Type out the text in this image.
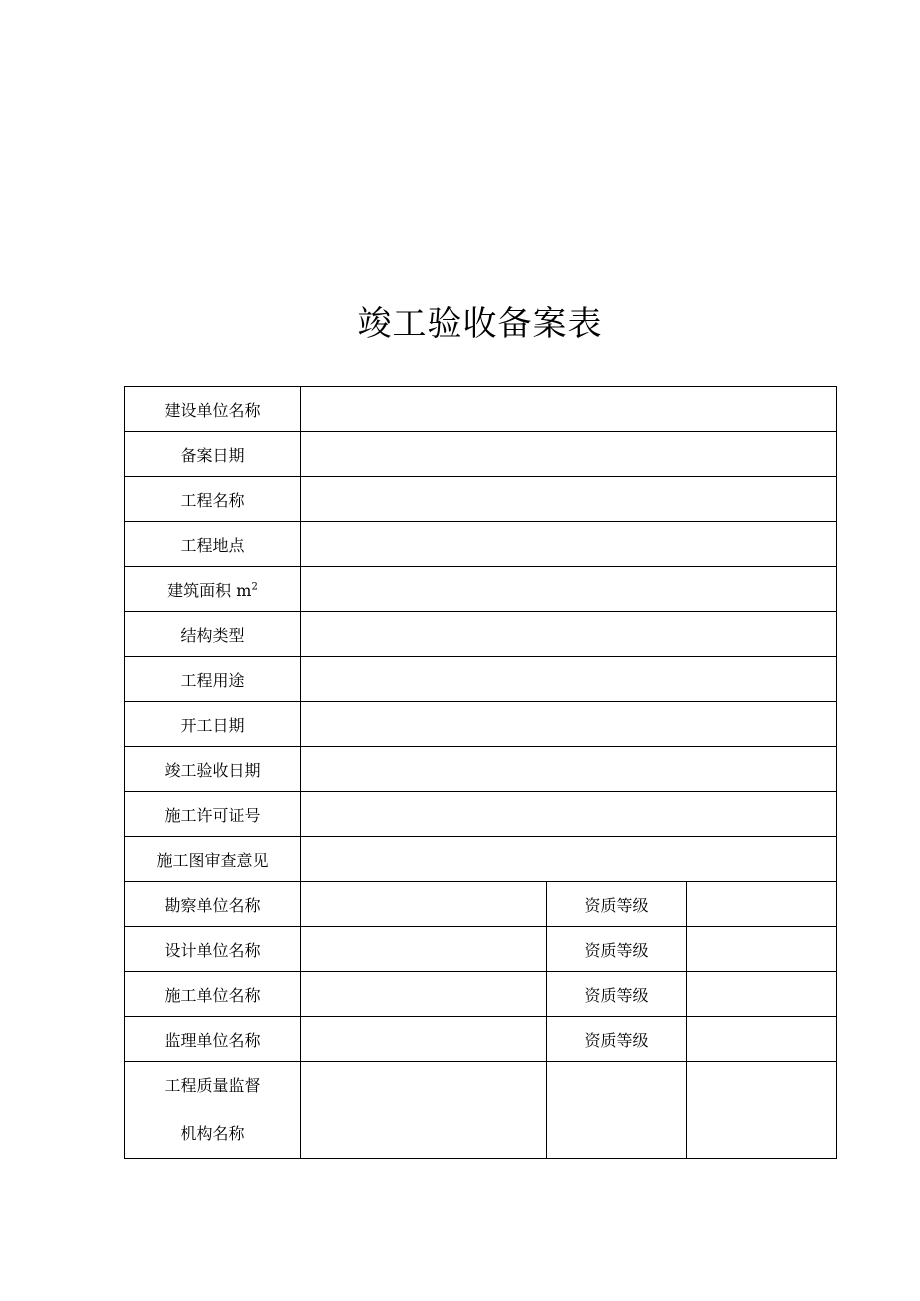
竣工验收备案表
建设单位名称			
备案日期			
工程名称			
工程地点			
建筑面积 $m^2$	
结构类型			
工程用途			
开工日期			
竣工验收日期			
施工许可证号			
施工图审查意见			
勘察单位名称		资质等级	
设计单位名称		资质等级	
施工单位名称		资质等级	
监理单位名称		资质等级	

工程质量监督
机构名称			
